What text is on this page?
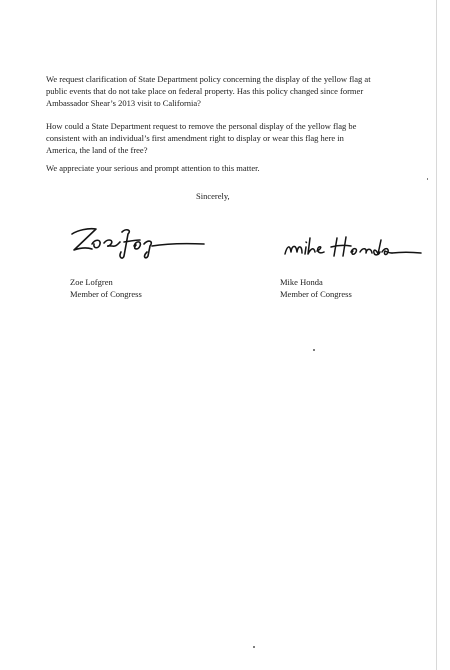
We request clarification of State Department policy concerning the display of the yellow flag at
public events that do not take place on federal property. Has this policy changed since former
Ambassador Shear’s 2013 visit to California?

How could a State Department request to remove the personal display of the yellow flag be
consistent with an individual’s first amendment right to display or wear this flag here in
America, the land of the free?

We appreciate your serious and prompt attention to this matter.

Sincerely,

Zoe Lofgren
Member of Congress
Mike Honda
Member of Congress
